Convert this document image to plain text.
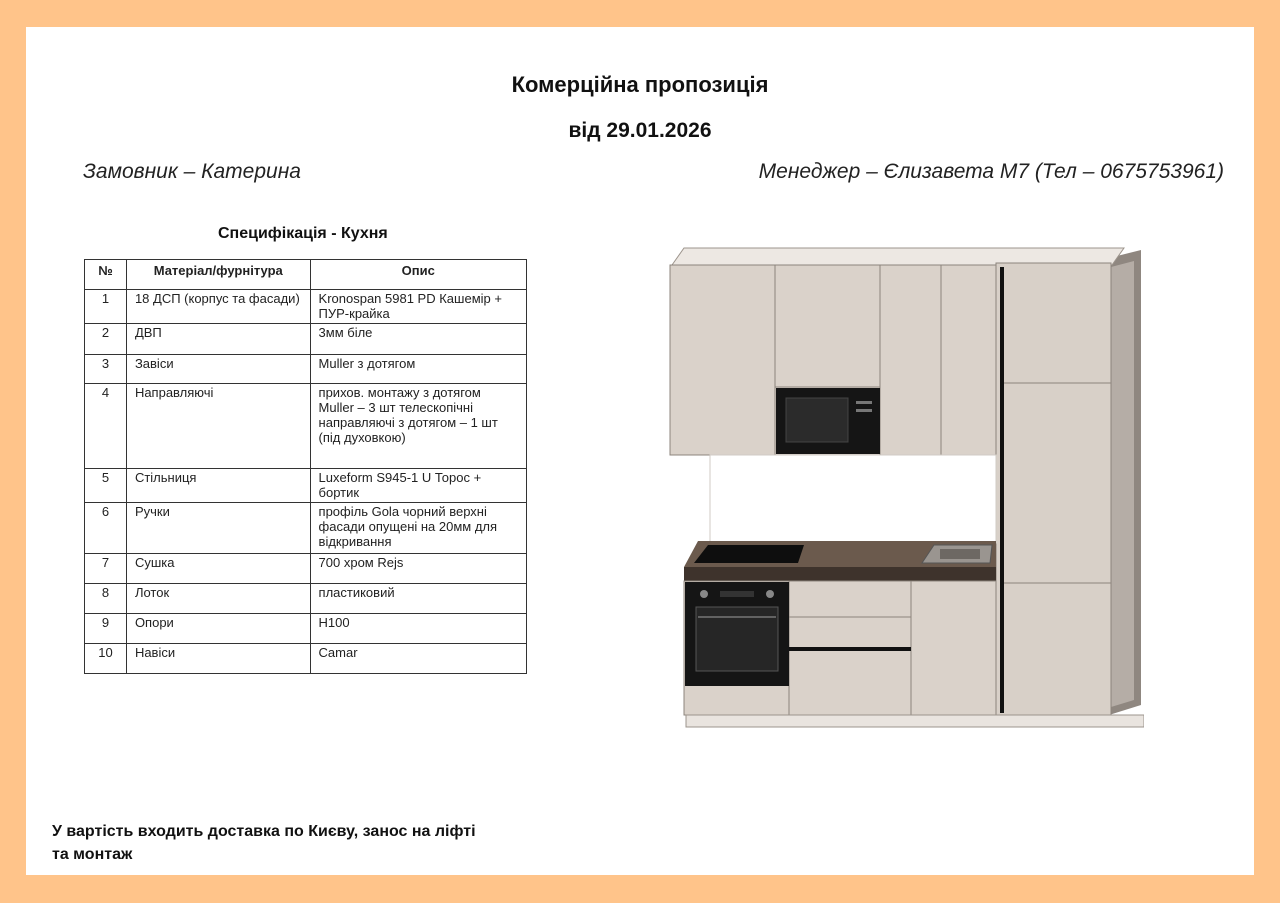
Комерційна пропозиція
від 29.01.2026
Замовник – Катерина	Менеджер – Єлизавета М7 (Тел – 0675753961)
Специфікація - Кухня
№	Матеріал/фурнітура	Опис
1	18 ДСП (корпус та фасади)	Kronospan 5981 PD Кашемір + ПУР-крайка
2	ДВП	3мм біле
3	Завіси	Muller з дотягом
4	Направляючі	прихов. монтажу з дотягом Muller – 3 шт телескопічні направляючі з дотягом – 1 шт (під духовкою)
5	Стільниця	Luxeform S945-1 U Торос + бортик
6	Ручки	профіль Gola чорний верхні фасади опущені на 20мм для відкривання
7	Сушка	700 хром Rejs
8	Лоток	пластиковий
9	Опори	H100
10	Навіси	Camar
У вартість входить доставка по Києву, занос на ліфті
та монтаж
